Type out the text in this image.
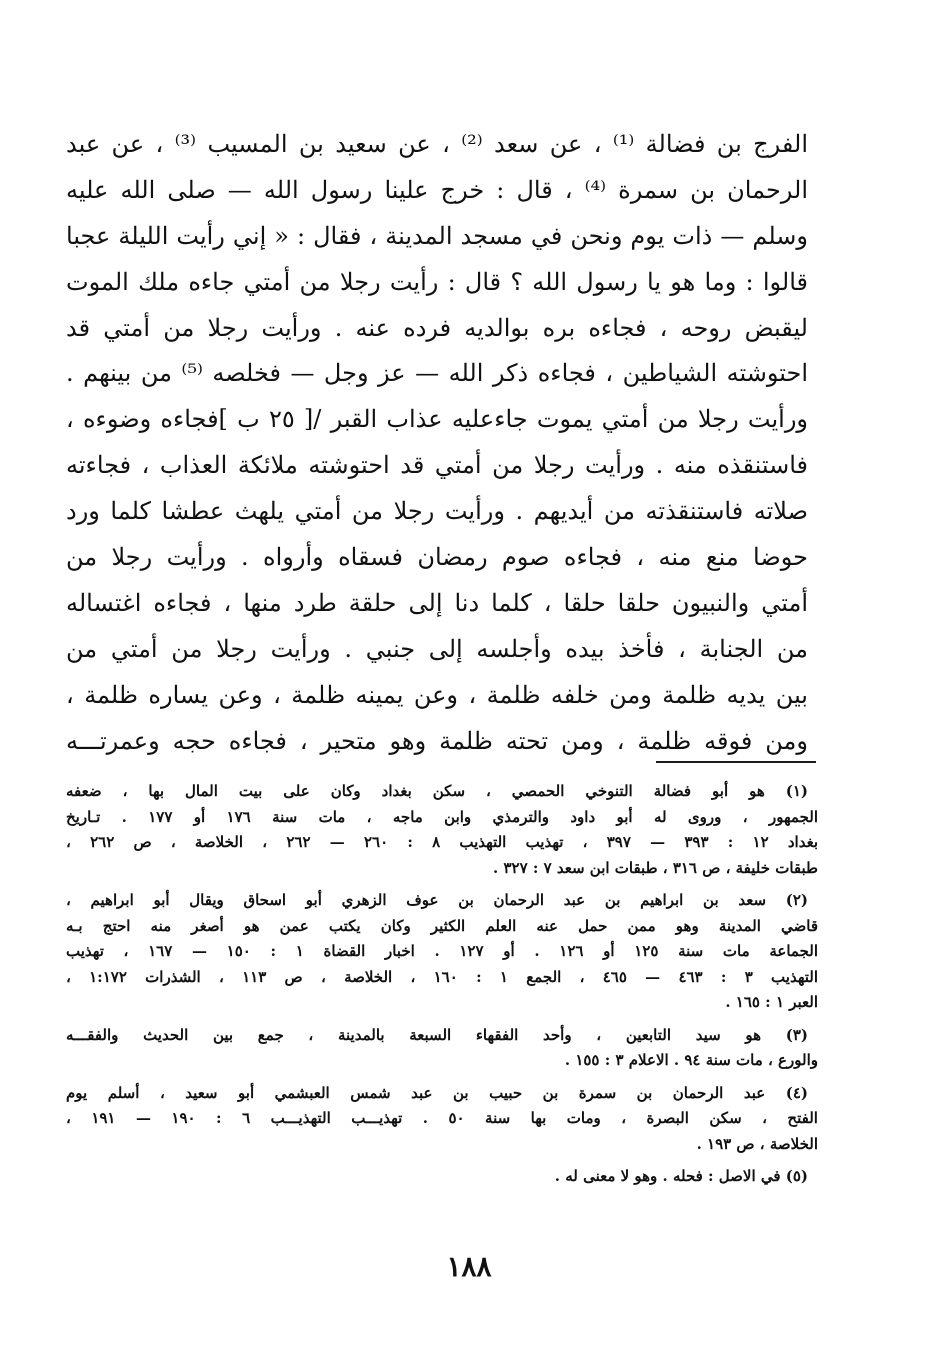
الفرج بن فضالة ⁽¹⁾ ، عن سعد ⁽²⁾ ، عن سعيد بن المسيب ⁽³⁾ ، عن عبد
الرحمان بن سمرة ⁽⁴⁾ ، قال : خرج علينا رسول الله — صلى الله عليه
وسلم — ذات يوم ونحن في مسجد المدينة ، فقال : « إني رأيت الليلة عجبا
قالوا : وما هو يا رسول الله ؟ قال : رأيت رجلا من أمتي جاءه ملك الموت
ليقبض روحه ، فجاءه بره بوالديه فرده عنه . ورأيت رجلا من أمتي قد
احتوشته الشياطين ، فجاءه ذكر الله — عز وجل — فخلصه ⁽⁵⁾ من بينهم .
ورأيت رجلا من أمتي يموت جاءعليه عذاب القبر /[ ٢٥ ب ]فجاءه وضوءه ،
فاستنقذه منه . ورأيت رجلا من أمتي قد احتوشته ملائكة العذاب ، فجاءته
صلاته فاستنقذته من أيديهم . ورأيت رجلا من أمتي يلهث عطشا كلما ورد
حوضا منع منه ، فجاءه صوم رمضان فسقاه وأرواه . ورأيت رجلا من
أمتي والنبيون حلقا حلقا ، كلما دنا إلى حلقة طرد منها ، فجاءه اغتساله
من الجنابة ، فأخذ بيده وأجلسه إلى جنبي . ورأيت رجلا من أمتي من
بين يديه ظلمة ومن خلفه ظلمة ، وعن يمينه ظلمة ، وعن يساره ظلمة ،
ومن فوقه ظلمة ، ومن تحته ظلمة وهو متحير ، فجاءه حجه وعمرتـــه
(١) هو أبو فضالة التنوخي الحمصي ، سكن بغداد وكان على بيت المال بها ، ضعفه
الجمهور ، وروى له أبو داود والترمذي وابن ماجه ، مات سنة ١٧٦ أو ١٧٧ . تـاريخ
بغداد ١٢ : ٣٩٣ — ٣٩٧ ، تهذيب التهذيب ٨ : ٢٦٠ — ٢٦٢ ، الخلاصة ، ص ٢٦٢ ،
طبقات خليفة ، ص ٣١٦ ، طبقات ابن سعد ٧ : ٣٢٧ .
(٢) سعد بن ابراهيم بن عبد الرحمان بن عوف الزهري أبو اسحاق ويقال أبو ابراهيم ،
قاضي المدينة وهو ممن حمل عنه العلم الكثير وكان يكتب عمن هو أصغر منه احتج بـه
الجماعة مات سنة ١٢٥ أو ١٢٦ . أو ١٢٧ . اخبار القضاة ١ : ١٥٠ — ١٦٧ ، تهذيب
التهذيب ٣ : ٤٦٣ — ٤٦٥ ، الجمع ١ : ١٦٠ ، الخلاصة ، ص ١١٣ ، الشذرات ١:١٧٢ ،
العبر ١ : ١٦٥ .
(٣) هو سيد التابعين ، وأحد الفقهاء السبعة بالمدينة ، جمع بين الحديث والفقـــه
والورع ، مات سنة ٩٤ . الاعلام ٣ : ١٥٥ .
(٤) عبد الرحمان بن سمرة بن حبيب بن عبد شمس العبشمي أبو سعيد ، أسلم يوم
الفتح ، سكن البصرة ، ومات بها سنة ٥٠ . تهذيـــب التهذيـــب ٦ : ١٩٠ — ١٩١ ،
الخلاصة ، ص ١٩٣ .
(٥) في الاصل : فحله . وهو لا معنى له .
١٨٨
